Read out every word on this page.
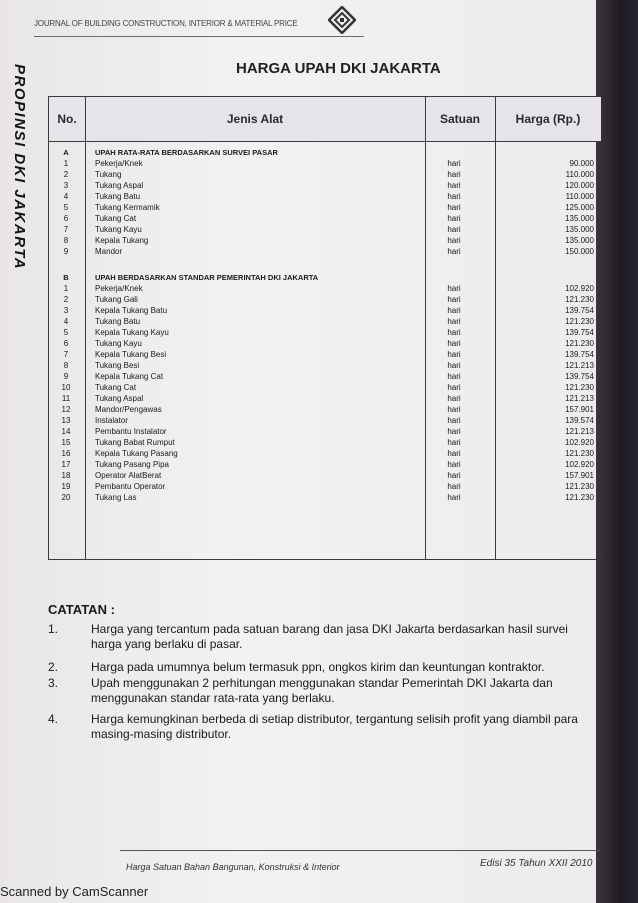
JOURNAL OF BUILDING CONSTRUCTION, INTERIOR & MATERIAL PRICE
PROPINSI DKI JAKARTA	HARGA UPAH DKI JAKARTA
No.	Jenis Alat	Satuan	Harga (Rp.)
A	UPAH RATA-RATA BERDASARKAN SURVEI PASAR
1	Pekerja/Knek	hari	90.000
2	Tukang	hari	110.000
3	Tukang Aspal	hari	120.000
4	Tukang Batu	hari	110.000
5	Tukang Kermamik	hari	125.000
6	Tukang Cat	hari	135.000
7	Tukang Kayu	hari	135.000
8	Kepala Tukang	hari	135.000
9	Mandor	hari	150.000
B	UPAH BERDASARKAN STANDAR PEMERINTAH DKI JAKARTA
1	Pekerja/Knek	hari	102.920
2	Tukang Gali	hari	121.230
3	Kepala Tukang Batu	hari	139.754
4	Tukang Batu	hari	121.230
5	Kepala Tukang Kayu	hari	139.754
6	Tukang Kayu	hari	121.230
7	Kepala Tukang Besi	hari	139.754
8	Tukang Besi	hari	121.213
9	Kepala Tukang Cat	hari	139.754
10	Tukang Cat	hari	121.230
11	Tukang Aspal	hari	121.213
12	Mandor/Pengawas	hari	157.901
13	Instalator	hari	139.574
14	Pembantu Instalator	hari	121.213
15	Tukang Babat Rumput	hari	102.920
16	Kepala Tukang Pasang	hari	121.230
17	Tukang Pasang Pipa	hari	102.920
18	Operator AlatBerat	hari	157.901
19	Pembantu Operator	hari	121.230
20	Tukang Las	hari	121.230
CATATAN :
1.	Harga yang tercantum pada satuan barang dan jasa DKI Jakarta berdasarkan hasil survei harga yang berlaku di pasar.
2.	Harga pada umumnya belum termasuk ppn, ongkos kirim dan keuntungan kontraktor.
3.	Upah menggunakan 2 perhitungan menggunakan standar Pemerintah DKI Jakarta dan menggunakan standar rata-rata yang berlaku.
4.	Harga kemungkinan berbeda di setiap distributor, tergantung selisih profit yang diambil para masing-masing distributor.
Harga Satuan Bahan Bangunan, Konstruksi & Interior	Edisi 35 Tahun XXII 2010
Scanned by CamScanner
